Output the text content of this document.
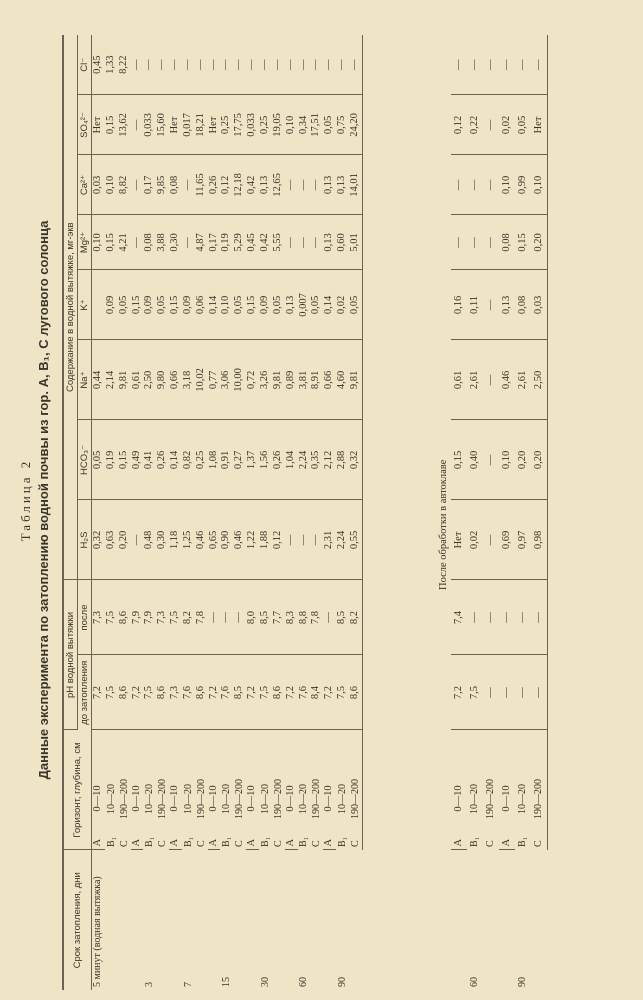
Таблица 2 Данные эксперимента по затоплению водной почвы из гор. A, B₁, C лугового солонца
Срок затопления, дни	Горизонт, глубина, см	pH водной вытяжки		Содержание в водной вытяжке, мг-экв							
		до затопления	после	H₂S	HCO₃⁻	Na⁺	K⁺	Mg²⁺	Ca²⁺	SO₄²⁻	Cl⁻
5 минут (водная вытяжка)	A0—10	7,2	7,3	0,32	0,05	0,44		0,10	0,03	Нет	0,45
	B₁10—20	7,5	7,5	0,63	0,19	2,14	0,09	0,15	0,10	0,15	1,33
	C190—200	8,6	8,6	0,20	0,15	9,81	0,05	4,21	8,82	13,62	8,22
3	A0—10	7,2	7,9	—	0,49	0,61	0,15	—	—	—	—
	B₁10—20	7,5	7,9	0,48	0,41	2,50	0,09	0,08	0,17	0,033	—
	C190—200	8,6	7,3	0,30	0,26	9,80	0,05	3,88	9,85	15,60	—
7	A0—10	7,3	7,5	1,18	0,14	0,66	0,15	0,30	0,08	Нет	—
	B₁10—20	7,6	8,2	1,25	0,82	3,18	0,09	—	—	0,017	—
	C190—200	8,6	7,8	0,46	0,25	10,02	0,06	4,87	11,65	18,21	—
15	A0—10	7,2	—	0,65	1,08	0,77	0,14	0,17	0,26	Нет	—
	B₁10—20	7,6	—	0,90	0,91	3,06	0,10	0,19	0,12	0,25	—
	C190—200	8,5	—	0,46	0,27	10,00	0,05	5,29	12,18	17,75	—
30	A0—10	7,2	8,0	1,22	1,37	0,72	0,15	0,45	0,42	0,033	—
	B₁10—20	7,5	8,5	1,88	1,56	3,26	0,09	0,42	0,13	0,25	—
	C190—200	8,6	7,7	0,12	0,26	9,81	0,05	5,55	12,65	19,05	—
60	A0—10	7,2	8,3	—	1,04	0,89	0,13	—	—	0,10	—
	B₁10—20	7,6	8,8	—	2,24	3,81	0,007	—	—	0,34	—
	C190—200	8,4	7,8	—	0,35	8,91	0,05	—	—	17,51	—
90	A0—10	7,2	—	2,31	2,12	0,66	0,14	0,13	0,13	0,05	—
	B₁10—20	7,5	8,5	2,24	2,88	4,60	0,02	0,60	0,13	0,75	—
	C190—200	8,6	8,2	0,55	0,32	9,81	0,05	5,01	14,01	24,20	—
После обработки в автоклаве											
60	A0—10	7,2	7,4	Нет	0,15	0,61	0,16	—	—	0,12	—
	B₁10—20	7,5	—	0,02	0,40	2,61	0,11	—	—	0,22	—
	C190—200	—	—	—	—	—	—	—	—	—	—
90	A0—10	—	—	0,69	0,10	0,46	0,13	0,08	0,10	0,02	—
	B₁10—20	—	—	0,97	0,20	2,61	0,08	0,15	0,99	0,05	—
	C190—200	—	—	0,98	0,20	2,50	0,03	0,20	0,10	Нет	—
